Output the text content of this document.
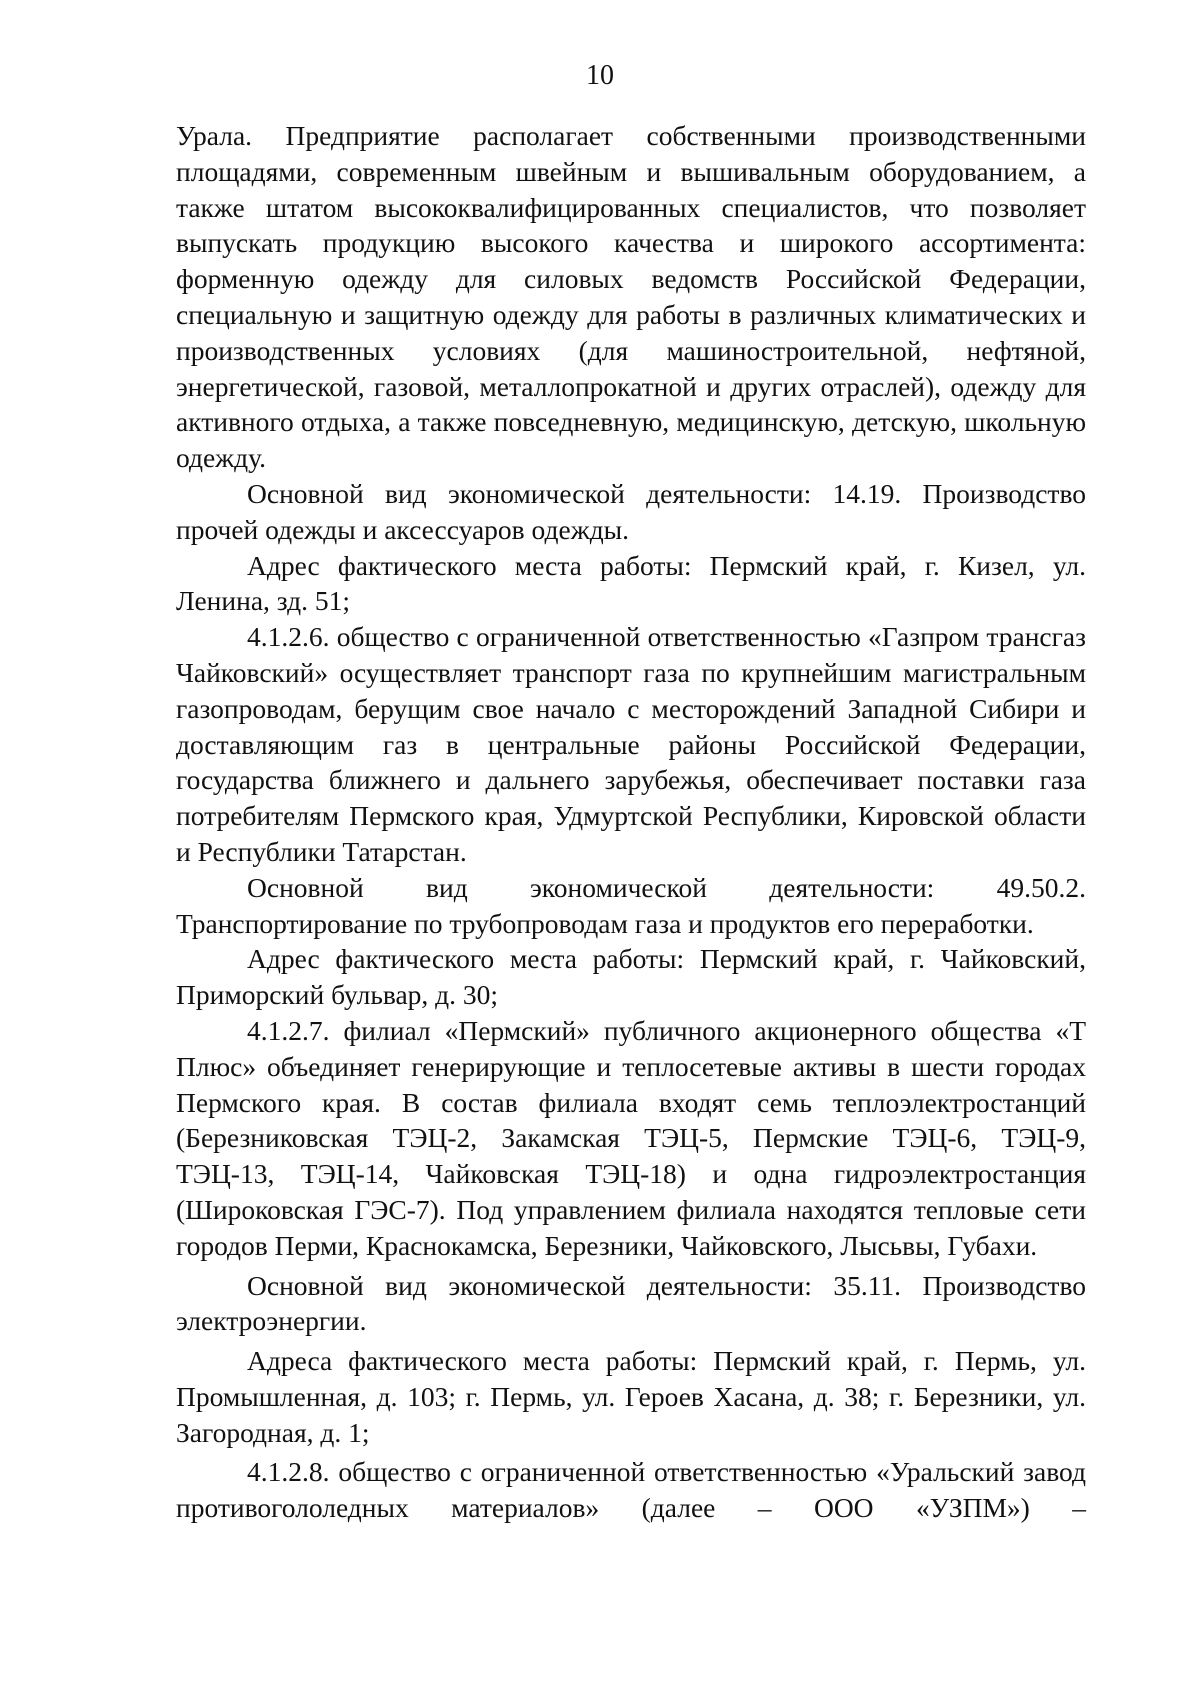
10

Урала. Предприятие располагает собственными производственными площадями, современным швейным и вышивальным оборудованием, а также штатом высококвалифицированных специалистов, что позволяет выпускать продукцию высокого качества и широкого ассортимента: форменную одежду для силовых ведомств Российской Федерации, специальную и защитную одежду для работы в различных климатических и производственных условиях (для машиностроительной, нефтяной, энергетической, газовой, металлопрокатной и других отраслей), одежду для активного отдыха, а также повседневную, медицинскую, детскую, школьную одежду.

Основной вид экономической деятельности: 14.19. Производство прочей одежды и аксессуаров одежды.

Адрес фактического места работы: Пермский край, г. Кизел, ул. Ленина, зд. 51;

4.1.2.6. общество с ограниченной ответственностью «Газпром трансгаз Чайковский» осуществляет транспорт газа по крупнейшим магистральным газопроводам, берущим свое начало с месторождений Западной Сибири и доставляющим газ в центральные районы Российской Федерации, государства ближнего и дальнего зарубежья, обеспечивает поставки газа потребителям Пермского края, Удмуртской Республики, Кировской области и Республики Татарстан.

Основной вид экономической деятельности: 49.50.2. Транспортирование по трубопроводам газа и продуктов его переработки.

Адрес фактического места работы: Пермский край, г. Чайковский, Приморский бульвар, д. 30;

4.1.2.7. филиал «Пермский» публичного акционерного общества «Т Плюс» объединяет генерирующие и теплосетевые активы в шести городах Пермского края. В состав филиала входят семь теплоэлектростанций (Березниковская ТЭЦ-2, Закамская ТЭЦ-5, Пермские ТЭЦ-6, ТЭЦ-9, ТЭЦ-13, ТЭЦ-14, Чайковская ТЭЦ-18) и одна гидроэлектростанция (Широковская ГЭС-7). Под управлением филиала находятся тепловые сети городов Перми, Краснокамска, Березники, Чайковского, Лысьвы, Губахи.

Основной вид экономической деятельности: 35.11. Производство электроэнергии.

Адреса фактического места работы: Пермский край, г. Пермь, ул. Промышленная, д. 103; г. Пермь, ул. Героев Хасана, д. 38; г. Березники, ул. Загородная, д. 1;

4.1.2.8. общество с ограниченной ответственностью «Уральский завод противогололедных материалов» (далее – ООО «УЗПМ») –
